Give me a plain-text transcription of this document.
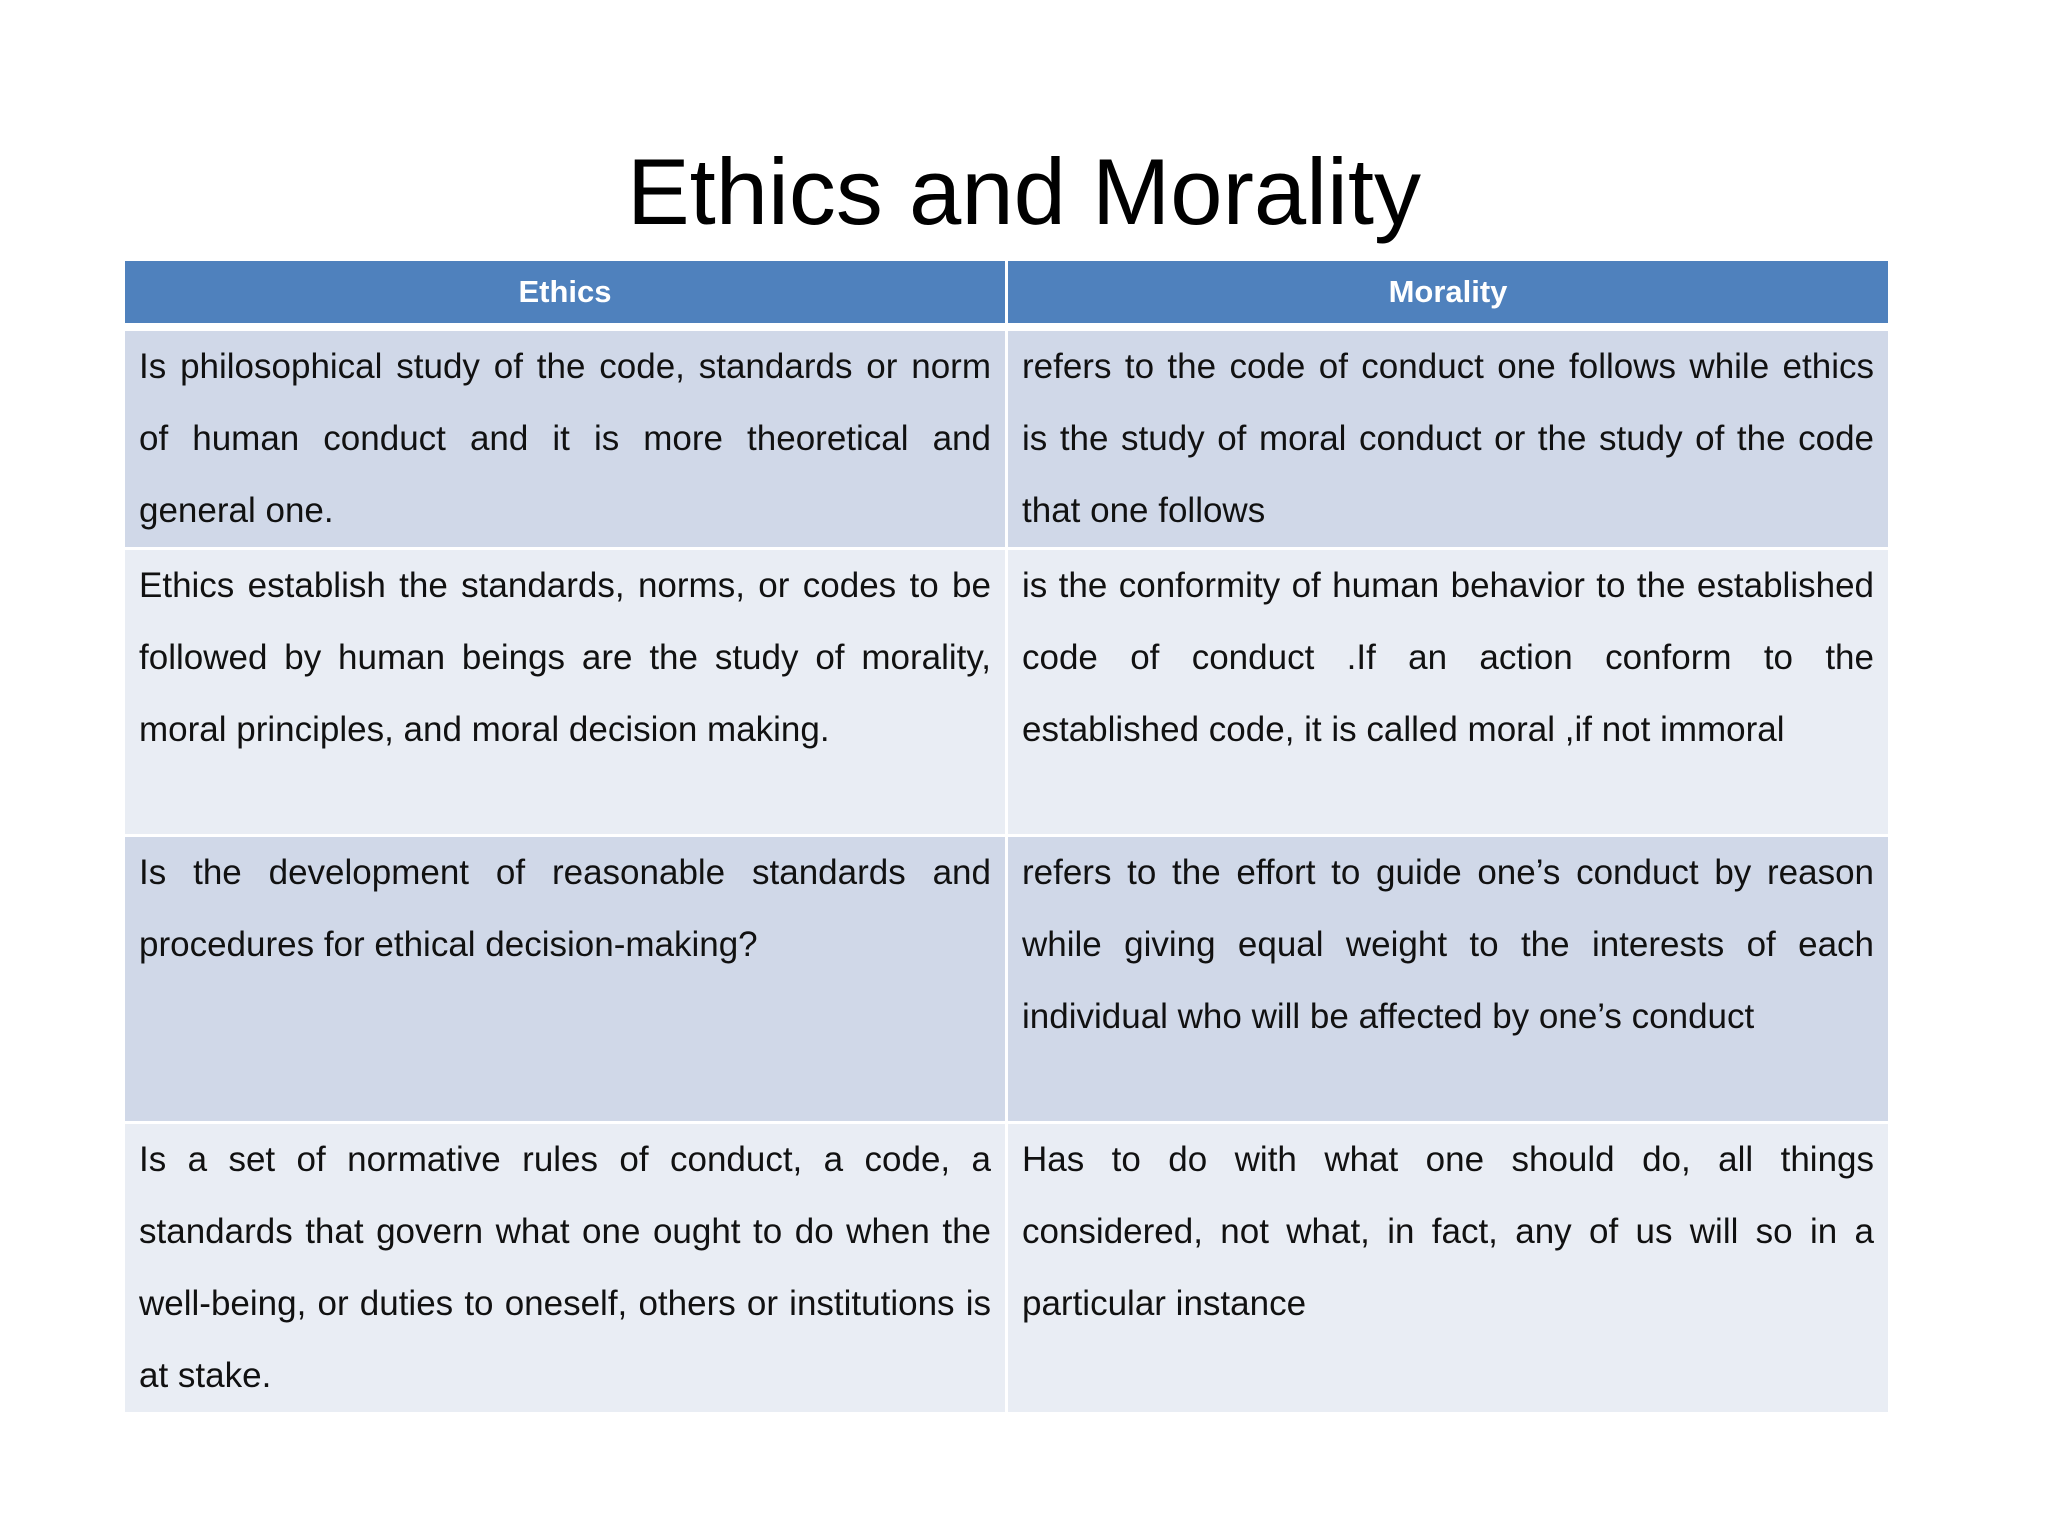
Ethics and Morality
Ethics	Morality
Is philosophical study of the code, standards or norm of human conduct and it is more theoretical and general one.	refers to the code of conduct one follows while ethics is the study of moral conduct or the study of the code that one follows
Ethics establish the standards, norms, or codes to be followed by human beings are the study of morality, moral principles, and moral decision making.	is the conformity of human behavior to the established code of conduct .If an action conform to the established code, it is called moral ,if not immoral
Is the development of reasonable standards and procedures for ethical decision-making?	refers to the effort to guide one’s conduct by reason while giving equal weight to the interests of each individual who will be affected by one’s conduct
Is a set of normative rules of conduct, a code, a standards that govern what one ought to do when the well-being, or duties to oneself, others or institutions is at stake.	Has to do with what one should do, all things considered, not what, in fact, any of us will so in a particular instance
